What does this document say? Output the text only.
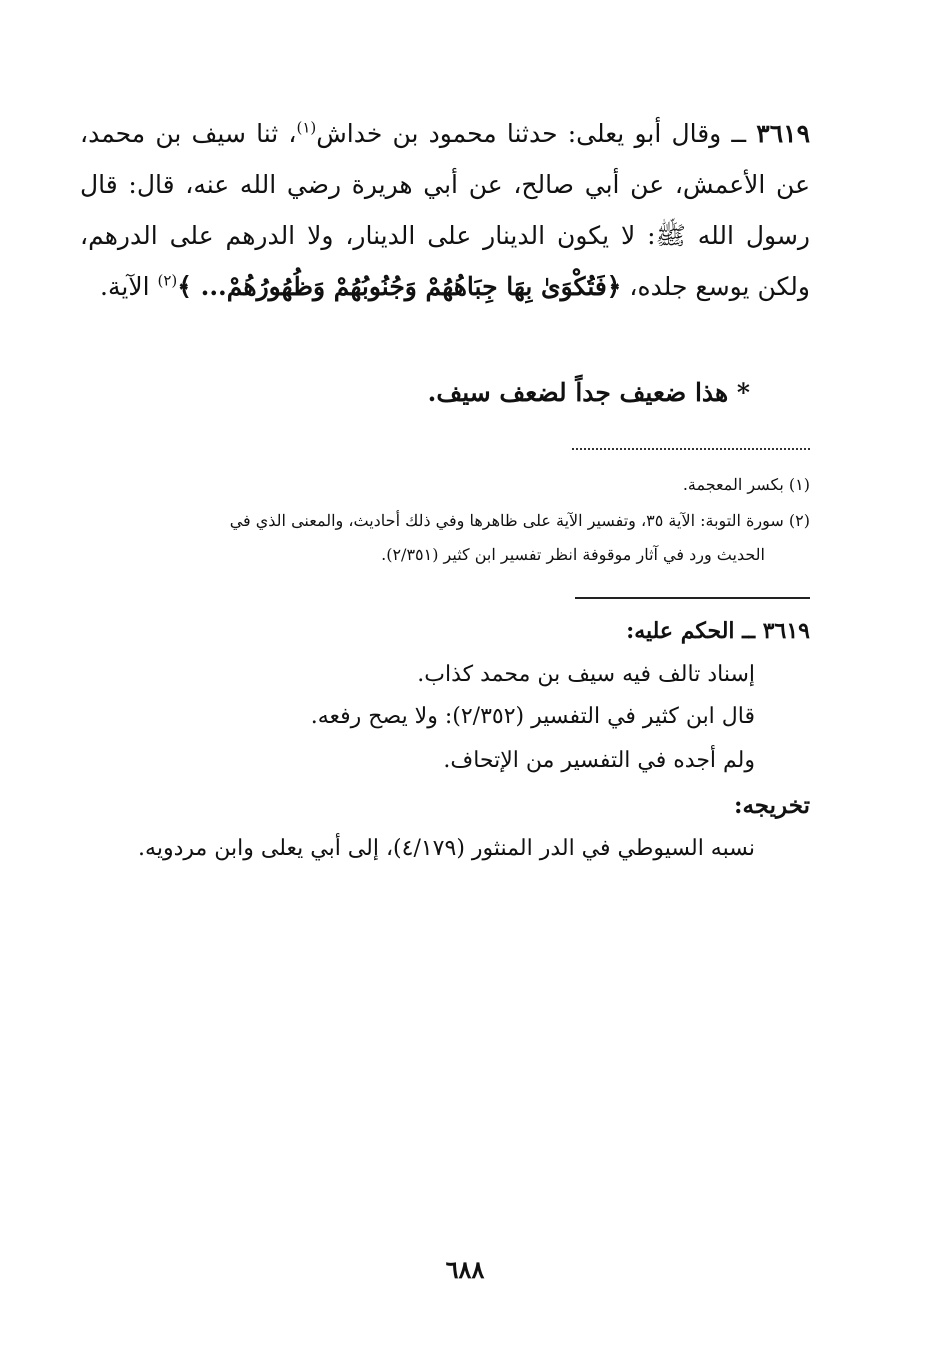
٣٦١٩ ــ وقال أبو يعلى: حدثنا محمود بن خداش$^{(١)}$، ثنا سيف بن محمد، عن الأعمش، عن أبي صالح، عن أبي هريرة رضي الله عنه، قال: قال رسول الله ﷺ: لا يكون الدينار على الدينار، ولا الدرهم على الدرهم، ولكن يوسع جلده، ﴿فَتُكْوَىٰ بِهَا جِبَاهُهُمْ وَجُنُوبُهُمْ وَظُهُورُهُمْ... ﴾$^{(٢)}$ الآية.
* هذا ضعيف جداً لضعف سيف.
(١) بكسر المعجمة.
(٢) سورة التوبة: الآية ٣٥، وتفسير الآية على ظاهرها وفي ذلك أحاديث، والمعنى الذي في
الحديث ورد في آثار موقوفة انظر تفسير ابن كثير (٢/٣٥١).
٣٦١٩ ــ الحكم عليه:
إسناد تالف فيه سيف بن محمد كذاب.
قال ابن كثير في التفسير (٢/٣٥٢): ولا يصح رفعه.
ولم أجده في التفسير من الإتحاف.
تخريجه:
نسبه السيوطي في الدر المنثور (٤/١٧٩)، إلى أبي يعلى وابن مردويه.
٦٨٨
